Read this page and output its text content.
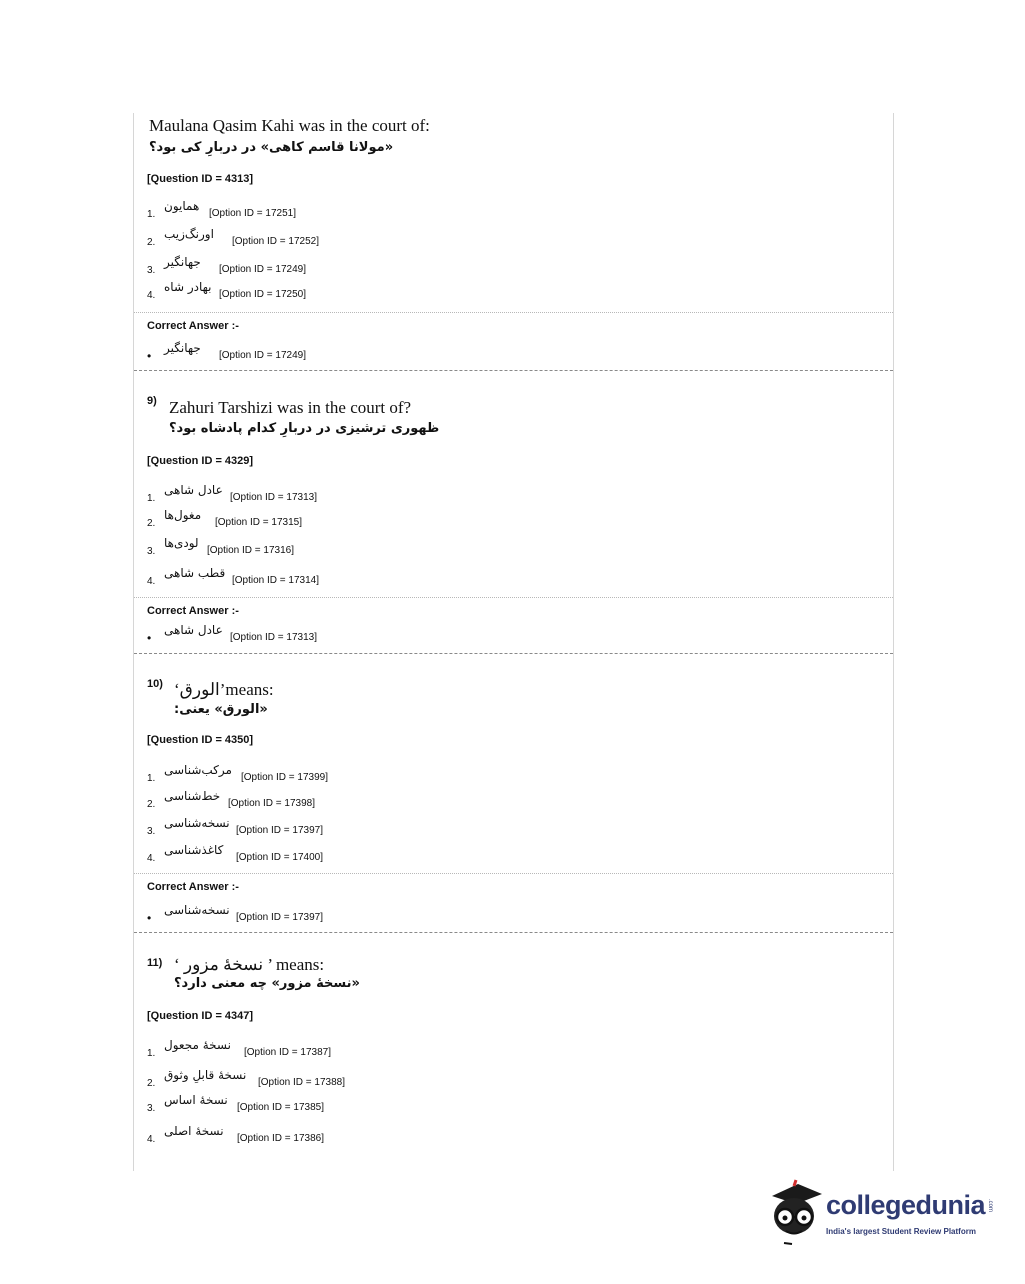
Maulana Qasim Kahi was in the court of:
«مولانا قاسم کاهی» در دربارِ کی بود؟
[Question ID = 4313]
1.
همایون
[Option ID = 17251]
2.
اورنگ‌زیب
[Option ID = 17252]
3.
جهانگیر
[Option ID = 17249]
4.
بهادر شاه
[Option ID = 17250]
Correct Answer :-
•
جهانگیر
[Option ID = 17249]
9) Zahuri Tarshizi was in the court of?
ظهوری ترشیزی در دربارِ کدام پادشاه بود؟
[Question ID = 4329]
1.
عادل شاهی
[Option ID = 17313]
2.
مغول‌ها
[Option ID = 17315]
3.
لودی‌ها
[Option ID = 17316]
4.
قطب شاهی
[Option ID = 17314]
Correct Answer :-
•
عادل شاهی
[Option ID = 17313]
10) ‘الورق’means:
«الورق» یعنی:
[Question ID = 4350]
1.
مرکب‌شناسی
[Option ID = 17399]
2.
خط‌شناسی
[Option ID = 17398]
3.
نسخه‌شناسی
[Option ID = 17397]
4.
کاغذشناسی
[Option ID = 17400]
Correct Answer :-
•
نسخه‌شناسی
[Option ID = 17397]
11) ‘ نسخهٔ مزور ’ means:
«نسخهٔ مزور» چه معنی دارد؟
[Question ID = 4347]
1.
نسخهٔ مجعول
[Option ID = 17387]
2.
نسخهٔ قابلِ وثوق
[Option ID = 17388]
3.
نسخهٔ اساس
[Option ID = 17385]
4.
نسخهٔ اصلی
[Option ID = 17386]
collegedunia .com
India's largest Student Review Platform
